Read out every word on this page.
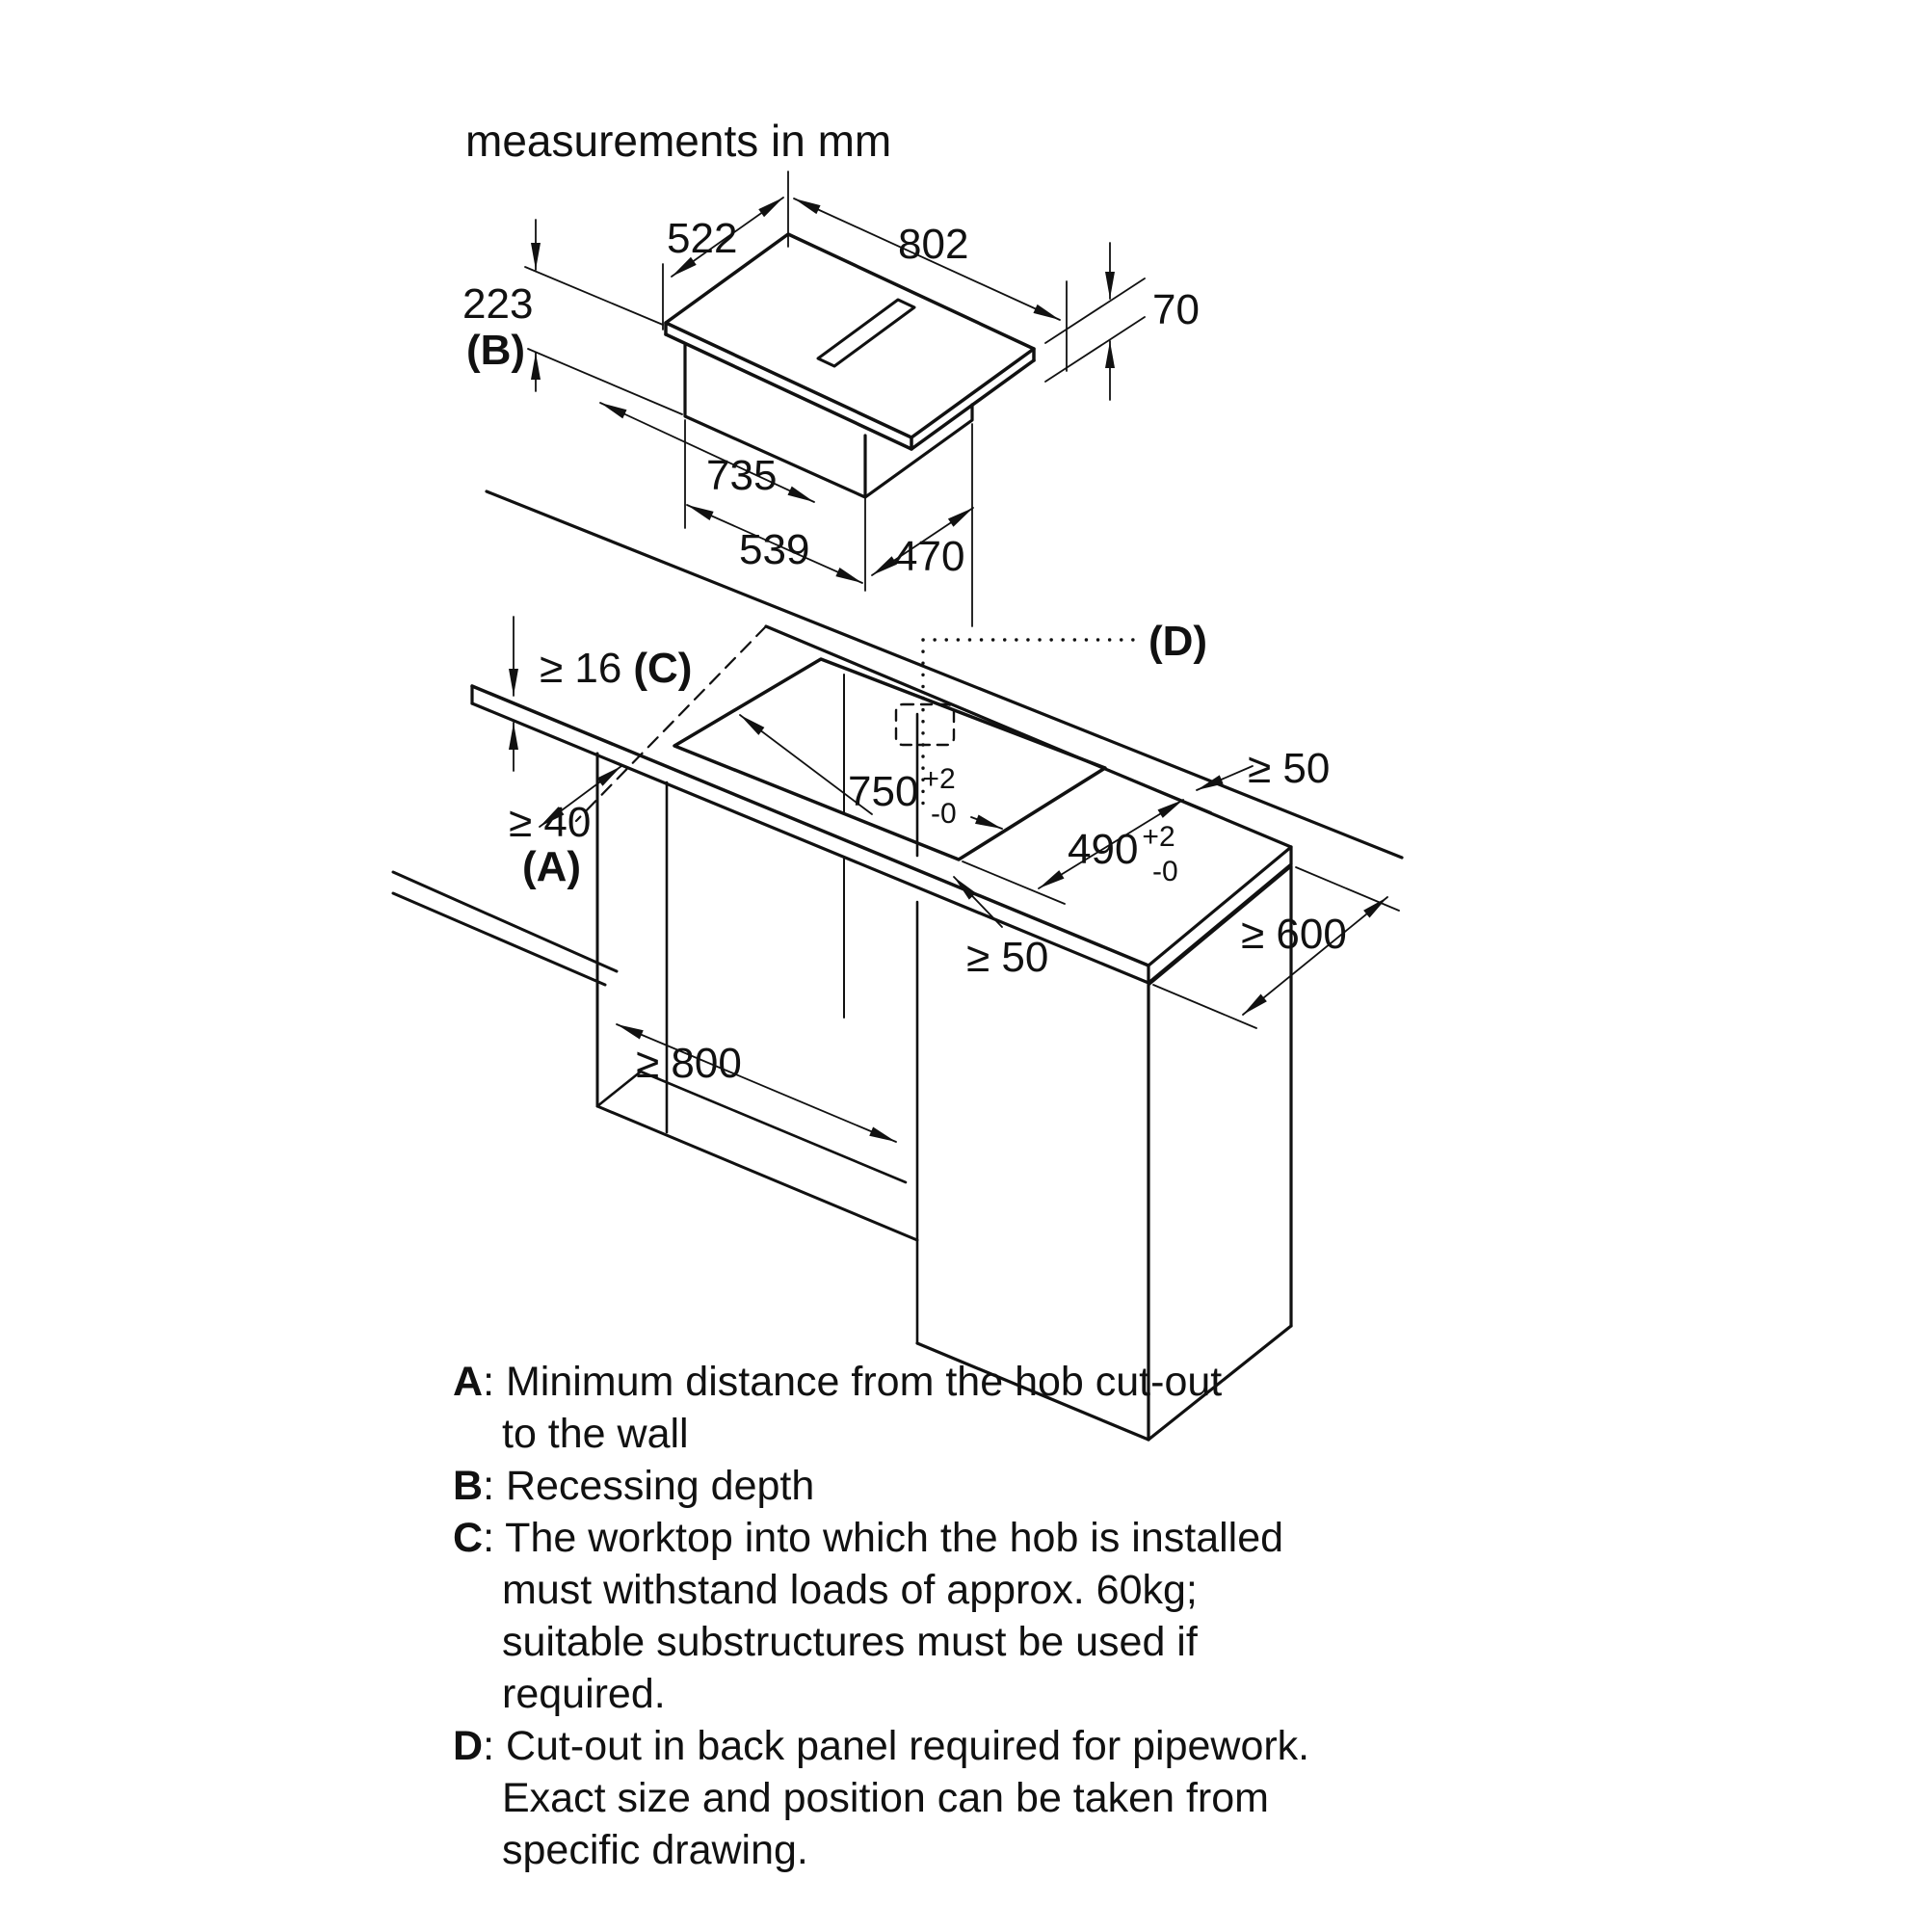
measurements in mm
522	802
70
223
(B)
735
539 470
≥ 16 (C)
≥ 40
(A)
750 $^{+2}$
-0
490 $^{+2}$
-0
≥ 50
≥ 50
≥ 600
≥ 800
(D)
A: Minimum distance from the hob cut-out
to the wall
B: Recessing depth
C: The worktop into which the hob is installed
must withstand loads of approx. 60kg;
suitable substructures must be used if
required.
D: Cut-out in back panel required for pipework.
Exact size and position can be taken from
specific drawing.
